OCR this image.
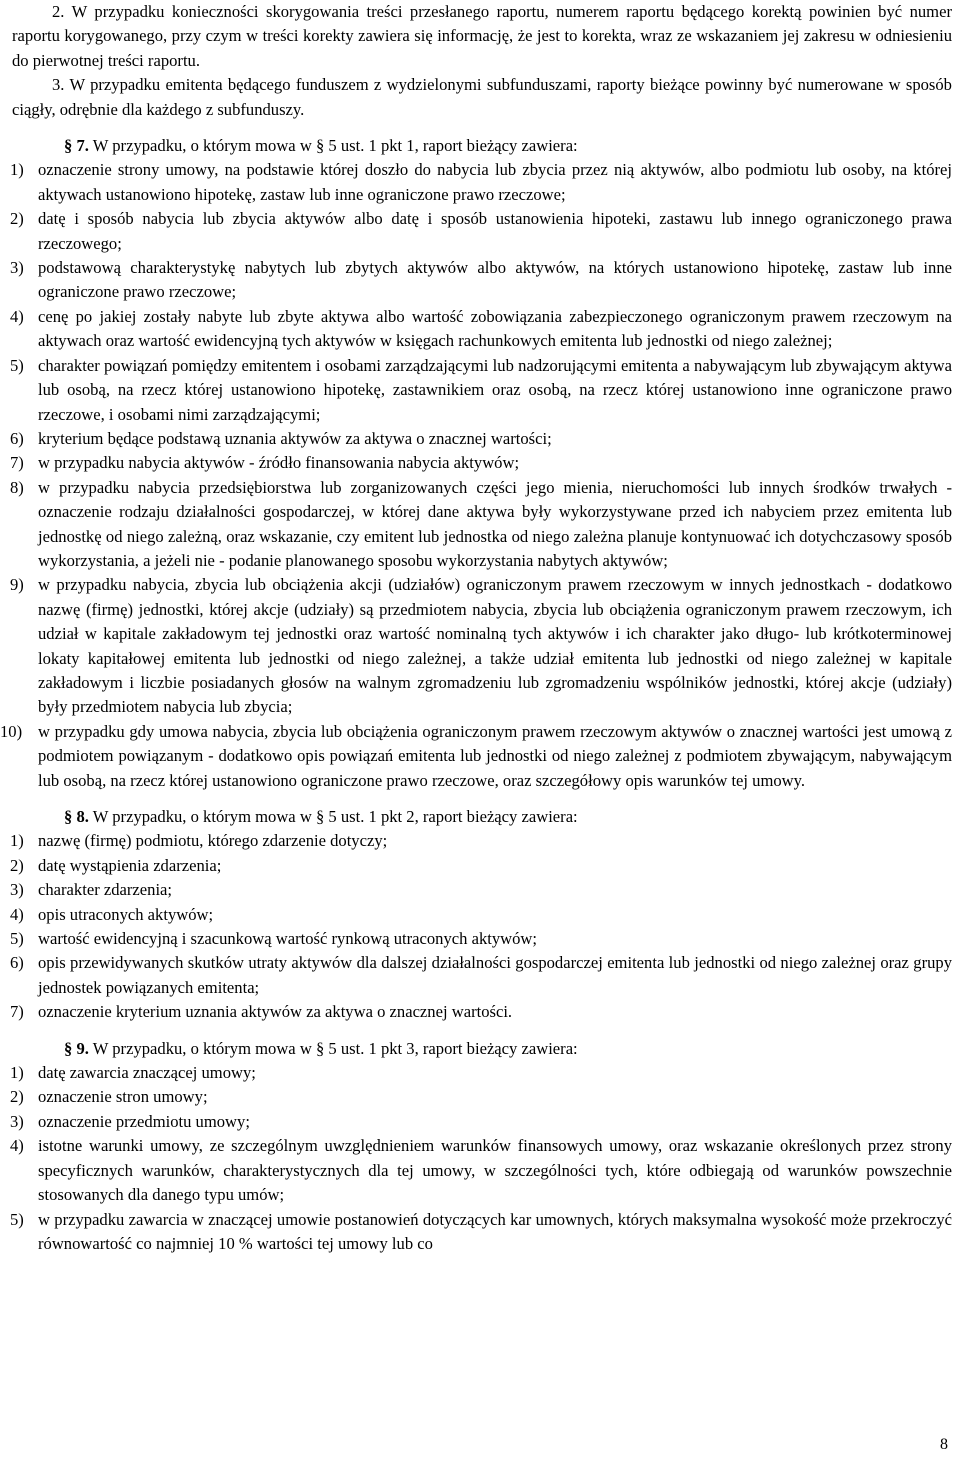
2. W przypadku konieczności skorygowania treści przesłanego raportu, numerem raportu będącego korektą powinien być numer raportu korygowanego, przy czym w treści korekty zawiera się informację, że jest to korekta, wraz ze wskazaniem jej zakresu w odniesieniu do pierwotnej treści raportu.

3. W przypadku emitenta będącego funduszem z wydzielonymi subfunduszami, raporty bieżące powinny być numerowane w sposób ciągły, odrębnie dla każdego z subfunduszy.

§ 7. W przypadku, o którym mowa w § 5 ust. 1 pkt 1, raport bieżący zawiera:

1) oznaczenie strony umowy, na podstawie której doszło do nabycia lub zbycia przez nią aktywów, albo podmiotu lub osoby, na której aktywach ustanowiono hipotekę, zastaw lub inne ograniczone prawo rzeczowe;
2) datę i sposób nabycia lub zbycia aktywów albo datę i sposób ustanowienia hipoteki, zastawu lub innego ograniczonego prawa rzeczowego;
3) podstawową charakterystykę nabytych lub zbytych aktywów albo aktywów, na których ustanowiono hipotekę, zastaw lub inne ograniczone prawo rzeczowe;
4) cenę po jakiej zostały nabyte lub zbyte aktywa albo wartość zobowiązania zabezpieczonego ograniczonym prawem rzeczowym na aktywach oraz wartość ewidencyjną tych aktywów w księgach rachunkowych emitenta lub jednostki od niego zależnej;
5) charakter powiązań pomiędzy emitentem i osobami zarządzającymi lub nadzorującymi emitenta a nabywającym lub zbywającym aktywa lub osobą, na rzecz której ustanowiono hipotekę, zastawnikiem oraz osobą, na rzecz której ustanowiono inne ograniczone prawo rzeczowe, i osobami nimi zarządzającymi;
6) kryterium będące podstawą uznania aktywów za aktywa o znacznej wartości;
7) w przypadku nabycia aktywów - źródło finansowania nabycia aktywów;
8) w przypadku nabycia przedsiębiorstwa lub zorganizowanych części jego mienia, nieruchomości lub innych środków trwałych - oznaczenie rodzaju działalności gospodarczej, w której dane aktywa były wykorzystywane przed ich nabyciem przez emitenta lub jednostkę od niego zależną, oraz wskazanie, czy emitent lub jednostka od niego zależna planuje kontynuować ich dotychczasowy sposób wykorzystania, a jeżeli nie - podanie planowanego sposobu wykorzystania nabytych aktywów;
9) w przypadku nabycia, zbycia lub obciążenia akcji (udziałów) ograniczonym prawem rzeczowym w innych jednostkach - dodatkowo nazwę (firmę) jednostki, której akcje (udziały) są przedmiotem nabycia, zbycia lub obciążenia ograniczonym prawem rzeczowym, ich udział w kapitale zakładowym tej jednostki oraz wartość nominalną tych aktywów i ich charakter jako długo- lub krótkoterminowej lokaty kapitałowej emitenta lub jednostki od niego zależnej, a także udział emitenta lub jednostki od niego zależnej w kapitale zakładowym i liczbie posiadanych głosów na walnym zgromadzeniu lub zgromadzeniu wspólników jednostki, której akcje (udziały) były przedmiotem nabycia lub zbycia;
10) w przypadku gdy umowa nabycia, zbycia lub obciążenia ograniczonym prawem rzeczowym aktywów o znacznej wartości jest umową z podmiotem powiązanym - dodatkowo opis powiązań emitenta lub jednostki od niego zależnej z podmiotem zbywającym, nabywającym lub osobą, na rzecz której ustanowiono ograniczone prawo rzeczowe, oraz szczegółowy opis warunków tej umowy.

§ 8. W przypadku, o którym mowa w § 5 ust. 1 pkt 2, raport bieżący zawiera:

1) nazwę (firmę) podmiotu, którego zdarzenie dotyczy;
2) datę wystąpienia zdarzenia;
3) charakter zdarzenia;
4) opis utraconych aktywów;
5) wartość ewidencyjną i szacunkową wartość rynkową utraconych aktywów;
6) opis przewidywanych skutków utraty aktywów dla dalszej działalności gospodarczej emitenta lub jednostki od niego zależnej oraz grupy jednostek powiązanych emitenta;
7) oznaczenie kryterium uznania aktywów za aktywa o znacznej wartości.

§ 9. W przypadku, o którym mowa w § 5 ust. 1 pkt 3, raport bieżący zawiera:

1) datę zawarcia znaczącej umowy;
2) oznaczenie stron umowy;
3) oznaczenie przedmiotu umowy;
4) istotne warunki umowy, ze szczególnym uwzględnieniem warunków finansowych umowy, oraz wskazanie określonych przez strony specyficznych warunków, charakterystycznych dla tej umowy, w szczególności tych, które odbiegają od warunków powszechnie stosowanych dla danego typu umów;
5) w przypadku zawarcia w znaczącej umowie postanowień dotyczących kar umownych, których maksymalna wysokość może przekroczyć równowartość co najmniej 10 % wartości tej umowy lub co
8
